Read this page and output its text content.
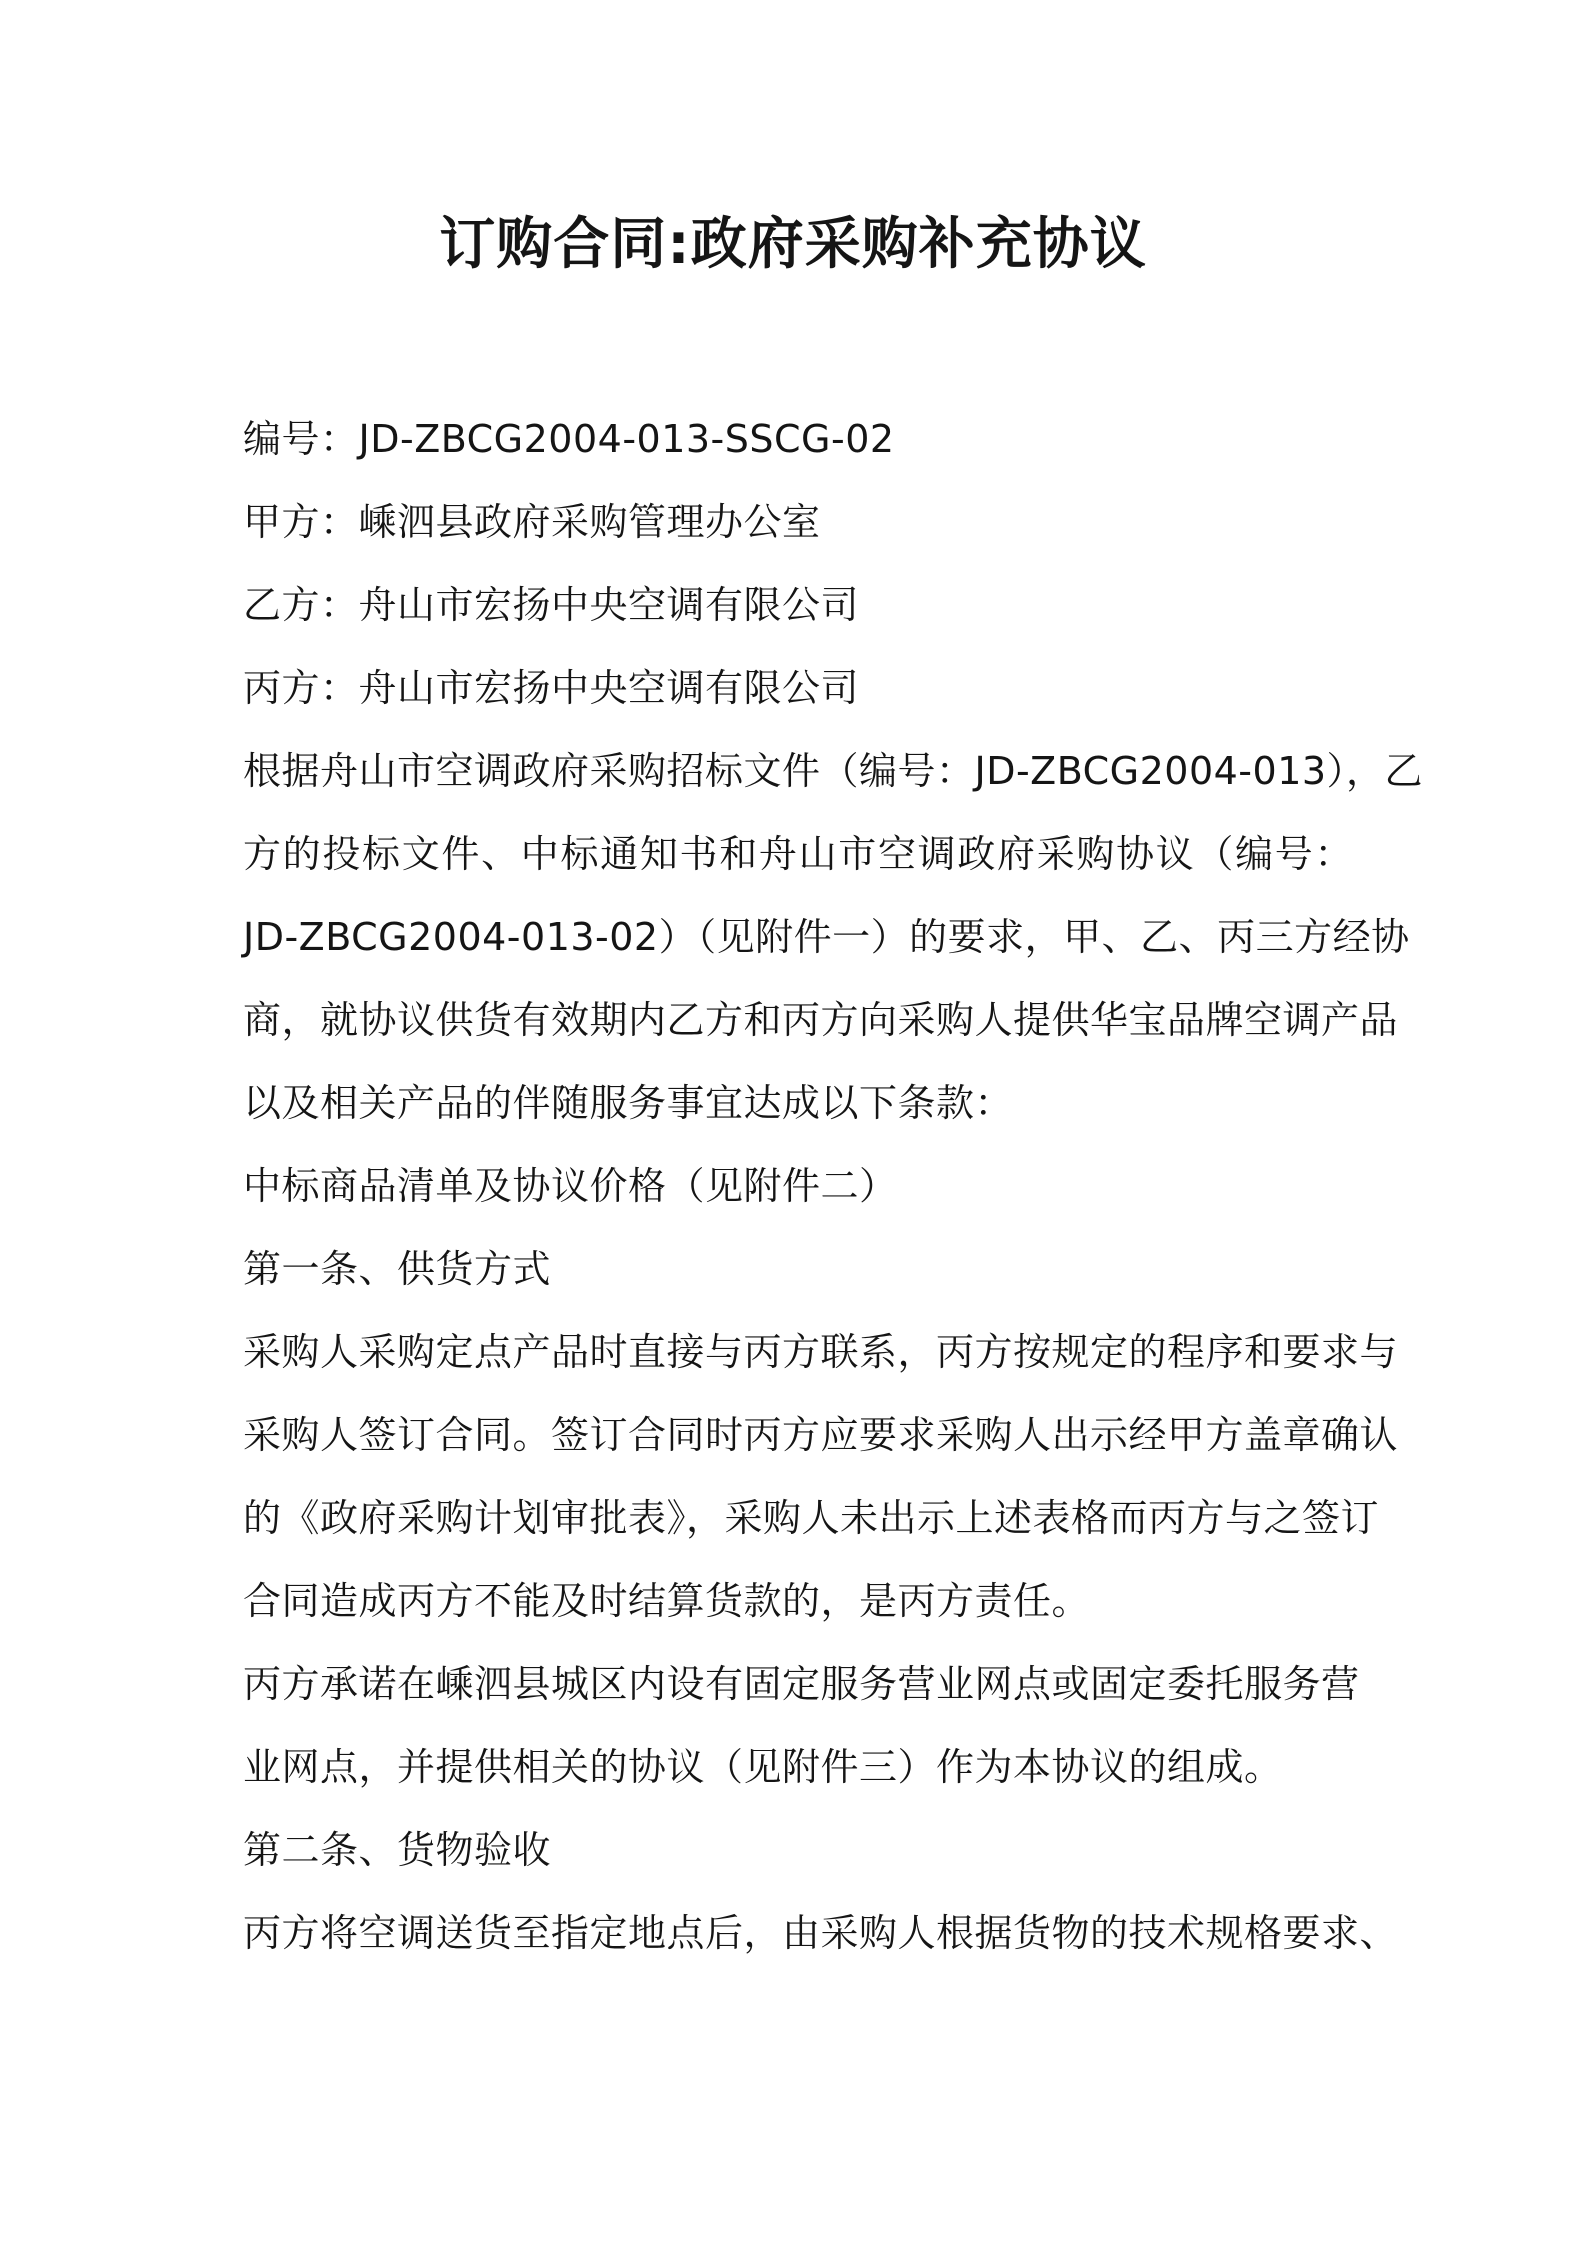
订购合同:政府采购补充协议
编号：JD-ZBCG2004-013-SSCG-02
甲方：嵊泗县政府采购管理办公室
乙方：舟山市宏扬中央空调有限公司
丙方：舟山市宏扬中央空调有限公司
根据舟山市空调政府采购招标文件（编号：JD-ZBCG2004-013），乙
方的投标文件、中标通知书和舟山市空调政府采购协议（编号：
JD-ZBCG2004-013-02）（见附件一）的要求，甲、乙、丙三方经协
商，就协议供货有效期内乙方和丙方向采购人提供华宝品牌空调产品
以及相关产品的伴随服务事宜达成以下条款：
中标商品清单及协议价格（见附件二）
第一条、供货方式
采购人采购定点产品时直接与丙方联系，丙方按规定的程序和要求与
采购人签订合同。签订合同时丙方应要求采购人出示经甲方盖章确认
的《政府采购计划审批表》，采购人未出示上述表格而丙方与之签订
合同造成丙方不能及时结算货款的，是丙方责任。
丙方承诺在嵊泗县城区内设有固定服务营业网点或固定委托服务营
业网点，并提供相关的协议（见附件三）作为本协议的组成。
第二条、货物验收
丙方将空调送货至指定地点后，由采购人根据货物的技术规格要求、
